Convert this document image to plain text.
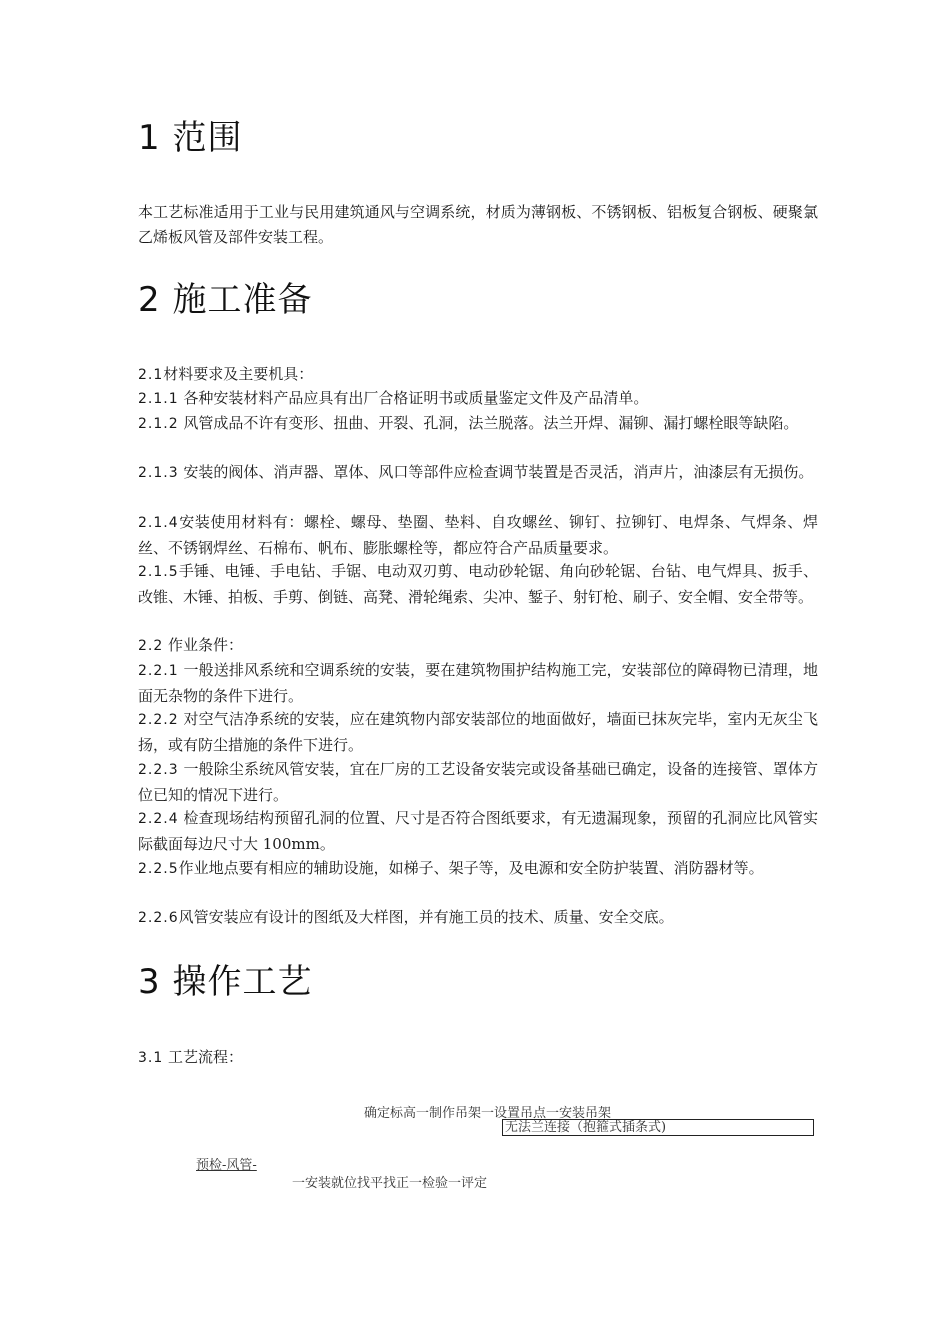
1 范围

本工艺标准适用于工业与民用建筑通风与空调系统，材质为薄钢板、不锈钢板、铝板复合钢板、硬聚氯乙烯板风管及部件安装工程。

2 施工准备

2.1材料要求及主要机具：

2.1.1 各种安装材料产品应具有出厂合格证明书或质量鉴定文件及产品清单。

2.1.2 风管成品不许有变形、扭曲、开裂、孔洞，法兰脱落。法兰开焊、漏铆、漏打螺栓眼等缺陷。

2.1.3 安装的阀体、消声器、罩体、风口等部件应检查调节装置是否灵活，消声片，油漆层有无损伤。

2.1.4安装使用材料有：螺栓、螺母、垫圈、垫料、自攻螺丝、铆钉、拉铆钉、电焊条、气焊条、焊丝、不锈钢焊丝、石棉布、帆布、膨胀螺栓等，都应符合产品质量要求。

2.1.5手锤、电锤、手电钻、手锯、电动双刃剪、电动砂轮锯、角向砂轮锯、台钻、电气焊具、扳手、改锥、木锤、拍板、手剪、倒链、高凳、滑轮绳索、尖冲、錾子、射钉枪、刷子、安全帽、安全带等。

2.2 作业条件：

2.2.1 一般送排风系统和空调系统的安装，要在建筑物围护结构施工完，安装部位的障碍物已清理，地面无杂物的条件下进行。

2.2.2 对空气洁净系统的安装，应在建筑物内部安装部位的地面做好，墙面已抹灰完毕，室内无灰尘飞扬，或有防尘措施的条件下进行。

2.2.3 一般除尘系统风管安装，宜在厂房的工艺设备安装完或设备基础已确定，设备的连接管、罩体方位已知的情况下进行。

2.2.4 检查现场结构预留孔洞的位置、尺寸是否符合图纸要求，有无遗漏现象，预留的孔洞应比风管实际截面每边尺寸大 100mm。

2.2.5作业地点要有相应的辅助设施，如梯子、架子等，及电源和安全防护装置、消防器材等。

2.2.6风管安装应有设计的图纸及大样图，并有施工员的技术、质量、安全交底。

3 操作工艺

3.1 工艺流程：

确定标高一制作吊架一设置吊点一安装吊架
无法兰连接（抱箍式插条式)
预检-风管-
一安装就位找平找正一检验一评定
